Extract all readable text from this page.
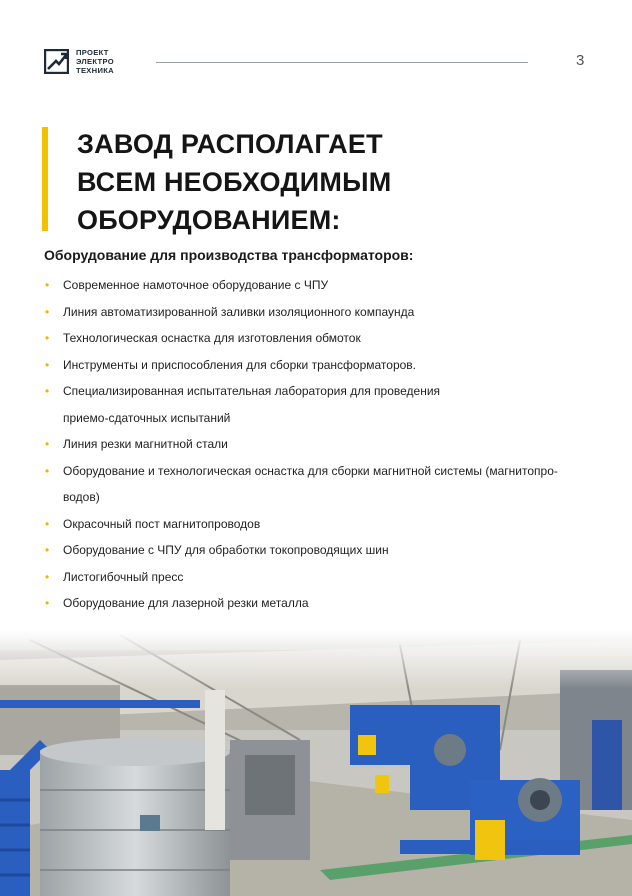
ПРОЕКТ
ЭЛЕКТРО
ТЕХНИКА
3
ЗАВОД РАСПОЛАГАЕТ
ВСЕМ НЕОБХОДИМЫМ
ОБОРУДОВАНИЕМ:
Оборудование для производства трансформаторов:
• Современное намоточное оборудование с ЧПУ
• Линия автоматизированной заливки изоляционного компаунда
• Технологическая оснастка для изготовления обмоток
• Инструменты и приспособления для сборки трансформаторов.
• Специализированная испытательная лаборатория для проведения
приемо-сдаточных испытаний
• Линия резки магнитной стали
• Оборудование и технологическая оснастка для сборки магнитной системы (магнитопро-
водов)
• Окрасочный пост магнитопроводов
• Оборудование с ЧПУ для обработки токопроводящих шин
• Листогибочный пресс
• Оборудование для лазерной резки металла
